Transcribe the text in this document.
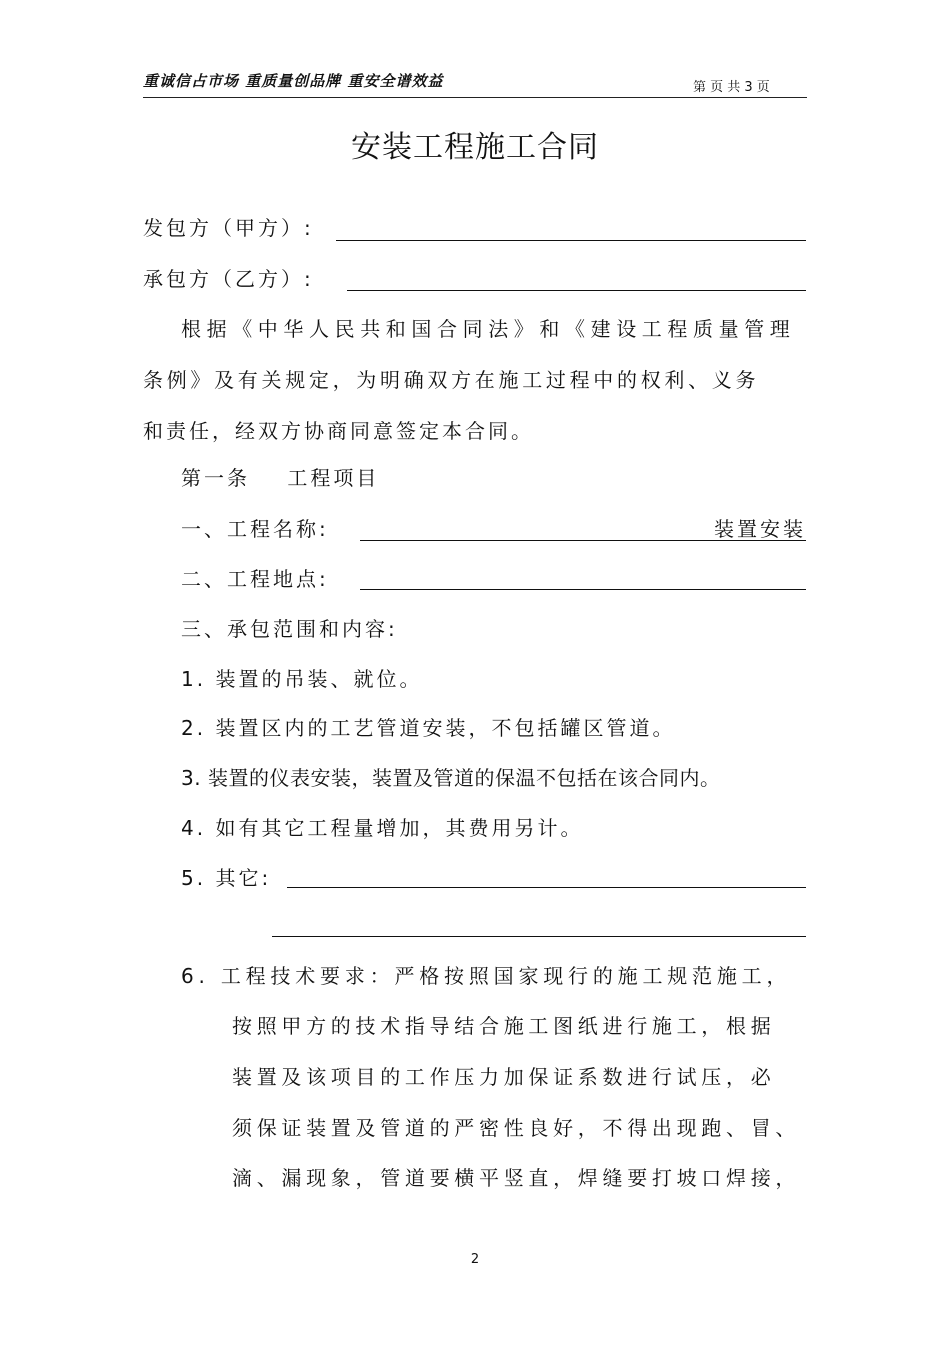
重诚信占市场 重质量创品牌 重安全谱效益	第 页 共 3 页
安装工程施工合同
发包方（甲方）:
承包方（乙方）:
根据《中华人民共和国合同法》和《建设工程质量管理
条例》及有关规定，为明确双方在施工过程中的权利、义务
和责任，经双方协商同意签定本合同。
第一条    工程项目
一、工程名称:	装置安装
二、工程地点:
三、承包范围和内容:
1. 装置的吊装、就位。
2. 装置区内的工艺管道安装，不包括罐区管道。
3. 装置的仪表安装，装置及管道的保温不包括在该合同内。
4. 如有其它工程量增加，其费用另计。
5. 其它:
6. 工程技术要求：严格按照国家现行的施工规范施工，
按照甲方的技术指导结合施工图纸进行施工，根据
装置及该项目的工作压力加保证系数进行试压，必
须保证装置及管道的严密性良好，不得出现跑、冒、
滴、漏现象，管道要横平竖直，焊缝要打坡口焊接，
2
